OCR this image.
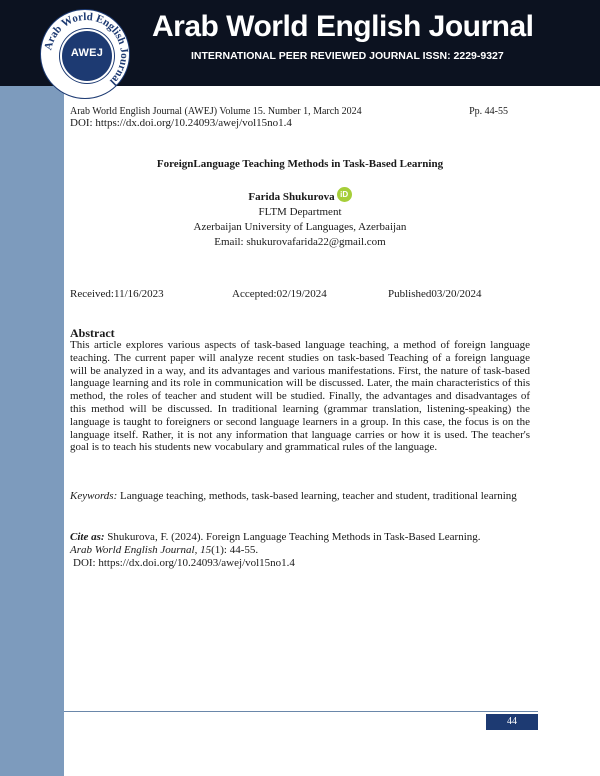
Arab World English Journal
INTERNATIONAL PEER REVIEWED JOURNAL ISSN: 2229-9327
Arab World English Journal
AWEJ
Arab World English Journal (AWEJ) Volume 15. Number 1, March 2024	Pp. 44-55
DOI: https://dx.doi.org/10.24093/awej/vol15no1.4
ForeignLanguage Teaching Methods in Task-Based Learning
Farida Shukurova iD
FLTM Department
Azerbaijan University of Languages, Azerbaijan
Email: shukurovafarida22@gmail.com
Received:11/16/2023	Accepted:02/19/2024	Published03/20/2024
Abstract

This article explores various aspects of task-based language teaching, a method of foreign language teaching. The current paper will analyze recent studies on task-based Teaching of a foreign language will be analyzed in a way, and its advantages and various manifestations. First, the nature of task-based language learning and its role in communication will be discussed. Later, the main characteristics of this method, the roles of teacher and student will be studied. Finally, the advantages and disadvantages of this method will be discussed. In traditional learning (grammar translation, listening-speaking) the language is taught to foreigners or second language learners in a group. In this case, the focus is on the language itself. Rather, it is not any information that language carries or how it is used. The teacher's goal is to teach his students new vocabulary and grammatical rules of the language.

Keywords: Language teaching, methods, task-based learning, teacher and student, traditional learning

Cite as: Shukurova, F. (2024). Foreign Language Teaching Methods in Task-Based Learning.
Arab World English Journal, 15(1): 44-55.
DOI: https://dx.doi.org/10.24093/awej/vol15no1.4

44
